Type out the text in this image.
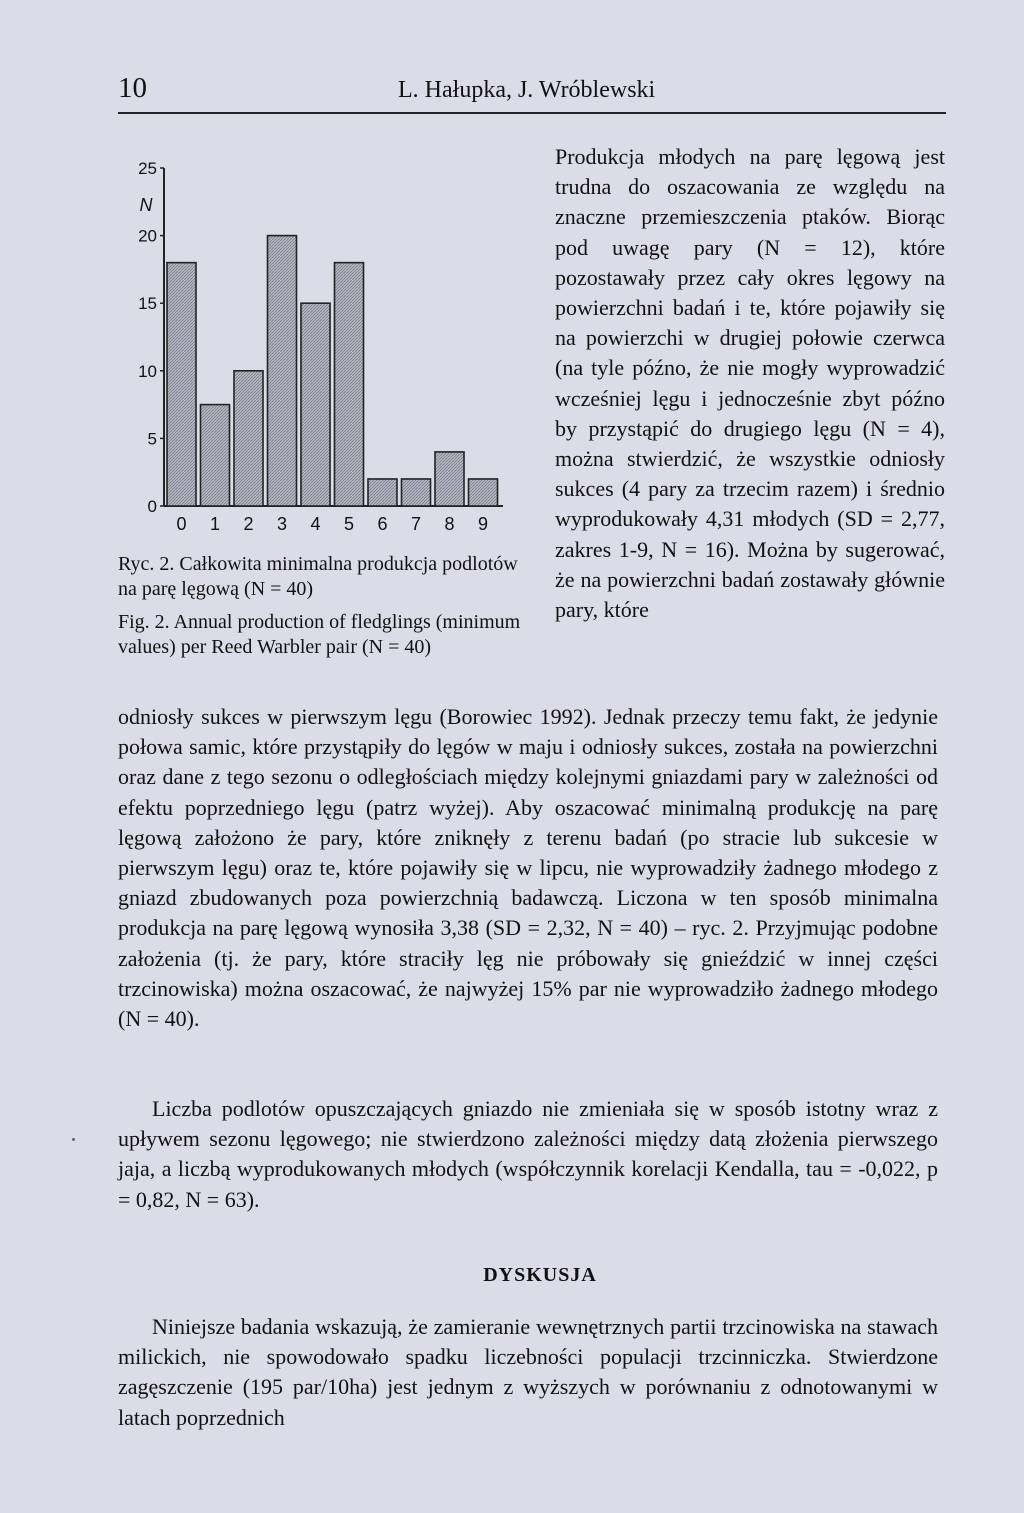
10	L. Hałupka, J. Wróblewski
0
5
10
15
20
25
N
0 1 2 3 4 5 6 7 8 9
Ryc. 2. Całkowita minimalna produkcja podlotów na parę lęgową (N = 40)
Fig. 2. Annual production of fledglings (minimum values) per Reed Warbler pair (N = 40)
Produkcja młodych na parę lęgową jest trudna do oszacowania ze względu na znaczne przemieszczenia ptaków. Biorąc pod uwagę pary (N = 12), które pozostawały przez cały okres lęgowy na powierzchni badań i te, które pojawiły się na powierzchi w drugiej połowie czerwca (na tyle późno, że nie mogły wyprowadzić wcześniej lęgu i jednocześnie zbyt późno by przystąpić do drugiego lęgu (N = 4), można stwierdzić, że wszystkie odniosły sukces (4 pary za trzecim razem) i średnio wyprodukowały 4,31 młodych (SD = 2,77, zakres 1-9, N = 16). Można by sugerować, że na powierzchni badań zostawały głównie pary, które
odniosły sukces w pierwszym lęgu (Borowiec 1992). Jednak przeczy temu fakt, że jedynie połowa samic, które przystąpiły do lęgów w maju i odniosły sukces, została na powierzchni oraz dane z tego sezonu o odległościach między kolejnymi gniazdami pary w zależności od efektu poprzedniego lęgu (patrz wyżej). Aby oszacować minimalną produkcję na parę lęgową założono że pary, które zniknęły z terenu badań (po stracie lub sukcesie w pierwszym lęgu) oraz te, które pojawiły się w lipcu, nie wyprowadziły żadnego młodego z gniazd zbudowanych poza powierzchnią badawczą. Liczona w ten sposób minimalna produkcja na parę lęgową wynosiła 3,38 (SD = 2,32, N = 40) – ryc. 2. Przyjmując podobne założenia (tj. że pary, które straciły lęg nie próbowały się gnieździć w innej części trzcinowiska) można oszacować, że najwyżej 15% par nie wyprowadziło żadnego młodego (N = 40).
Liczba podlotów opuszczających gniazdo nie zmieniała się w sposób istotny wraz z upływem sezonu lęgowego; nie stwierdzono zależności między datą złożenia pierwszego jaja, a liczbą wyprodukowanych młodych (współczynnik korelacji Kendalla, tau = -0,022, p = 0,82, N = 63).
DYSKUSJA
Niniejsze badania wskazują, że zamieranie wewnętrznych partii trzcinowiska na stawach milickich, nie spowodowało spadku liczebności populacji trzcinniczka. Stwierdzone zagęszczenie (195 par/10ha) jest jednym z wyższych w porównaniu z odnotowanymi w latach poprzednich
